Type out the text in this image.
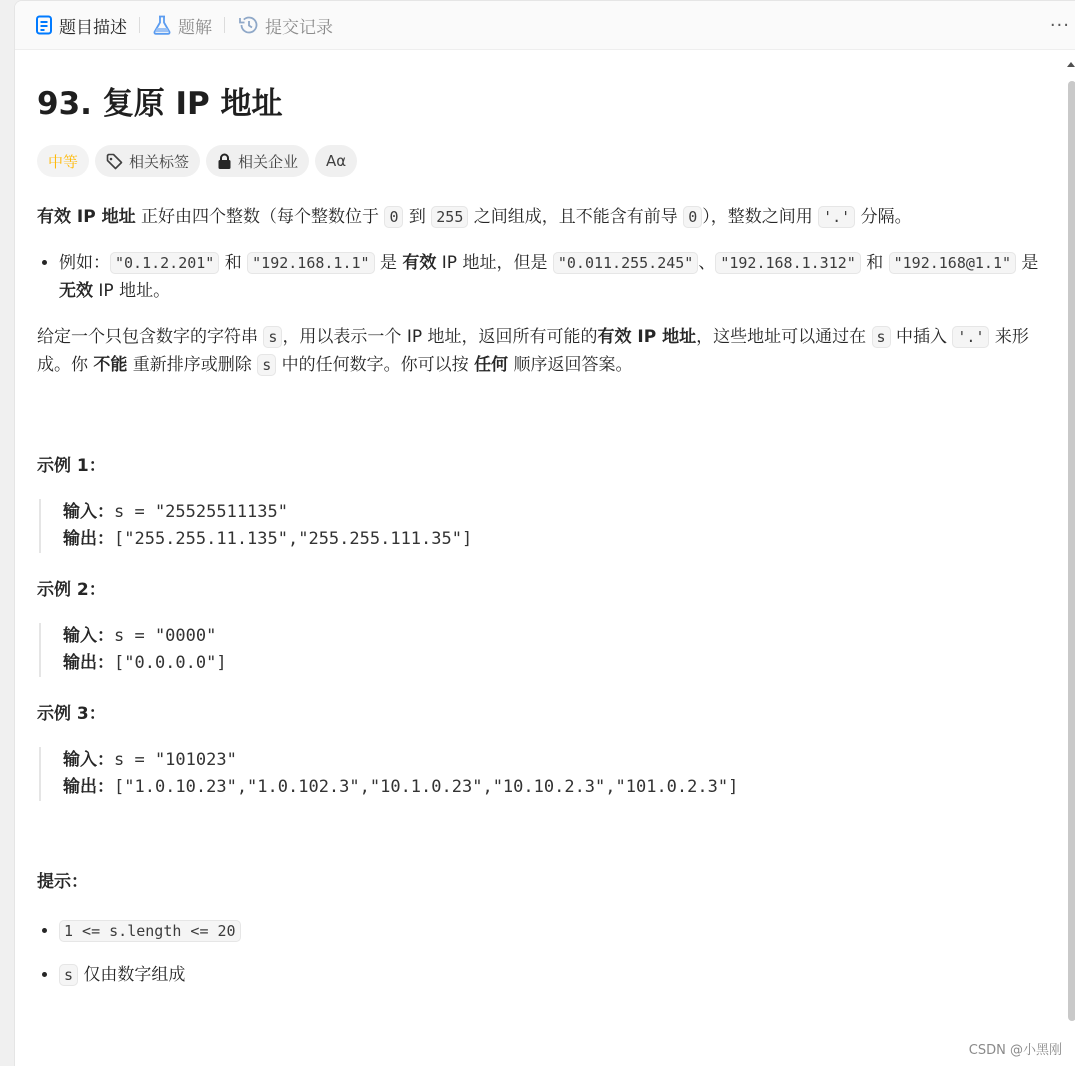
题目描述	题解	提交记录	···
93. 复原 IP 地址
中等	相关标签	相关企业 Aα

有效 IP 地址 正好由四个整数（每个整数位于 0 到 255 之间组成，且不能含有前导 0 ），整数之间用 '.' 分隔。

• 例如： "0.1.2.201" 和 "192.168.1.1" 是 有效 IP 地址，但是 "0.011.255.245" 、 "192.168.1.312" 和 "192.168@1.1" 是 无效 IP 地址。

给定一个只包含数字的字符串 s ，用以表示一个 IP 地址，返回所有可能的有效 IP 地址，这些地址可以通过在 s 中插入 '.' 来形成。你 不能 重新排序或删除 s 中的任何数字。你可以按 任何 顺序返回答案。

示例 1：
输入：s = "25525511135"
输出：["255.255.11.135","255.255.111.35"]
示例 2：
输入：s = "0000"
输出：["0.0.0.0"]
示例 3：
输入：s = "101023"
输出：["1.0.10.23","1.0.102.3","10.1.0.23","10.10.2.3","101.0.2.3"]
提示：
• 1 <= s.length <= 20
• s 仅由数字组成
CSDN @小黑刚
